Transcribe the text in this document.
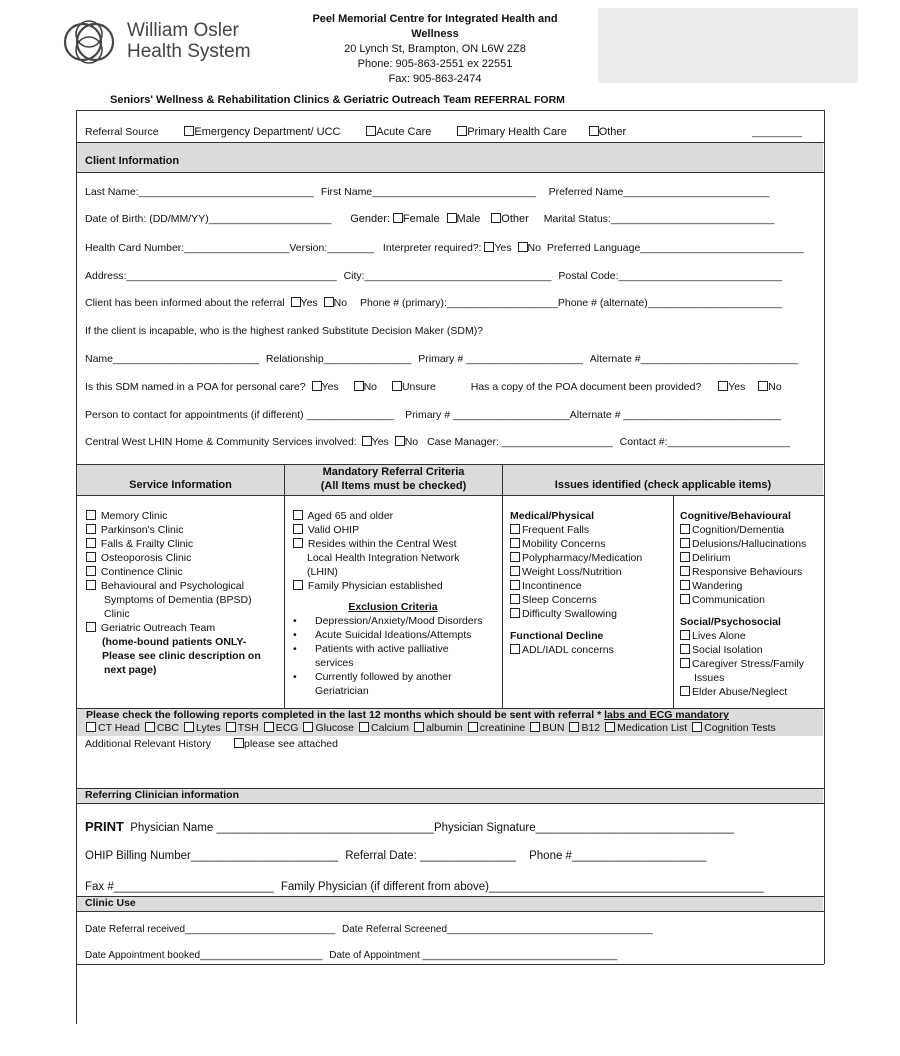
William Osler
Health System
Peel Memorial Centre for Integrated Health and
Wellness
20 Lynch St, Brampton, ON L6W 2Z8
Phone: 905-863-2551 ex 22551
Fax: 905-863-2474
Seniors' Wellness & Rehabilitation Clinics & Geriatric Outreach Team REFERRAL FORM
Referral Source	Emergency Department/ UCC	Acute Care	Primary Health Care	Other	_________
Client Information
Last Name:______________________________ First Name____________________________ Preferred Name_________________________
Date of Birth: (DD/MM/YY)_____________________ Gender: Female Male Other Marital Status:____________________________
Health Card Number:__________________Version:________ Interpreter required?: Yes No Preferred Language____________________________
Address:____________________________________ City:________________________________ Postal Code:____________________________
Client has been informed about the referral Yes No Phone # (primary):___________________Phone # (alternate)_______________________
If the client is incapable, who is the highest ranked Substitute Decision Maker (SDM)?
Name_________________________ Relationship_______________ Primary # ____________________ Alternate #___________________________
Is this SDM named in a POA for personal care? Yes No Unsure	Has a copy of the POA document been provided?	Yes No
Person to contact for appointments (if different) _______________ Primary # ____________________Alternate # ___________________________
Central West LHIN Home & Community Services involved: Yes No Case Manager: ___________________ Contact #:_____________________
Service Information
Mandatory Referral Criteria
(All Items must be checked)	Issues identified (check applicable items)
Memory Clinic
Parkinson's Clinic
Falls & Frailty Clinic
Osteoporosis Clinic
Continence Clinic
Behavioural and Psychological
Symptoms of Dementia (BPSD)
Clinic
Geriatric Outreach Team
(home-bound patients ONLY-
Please see clinic description on
next page)
Aged 65 and older
Valid OHIP
Resides within the Central West
Local Health Integration Network
(LHIN)
Family Physician established
Exclusion Criteria
• Depression/Anxiety/Mood Disorders
• Acute Suicidal Ideations/Attempts
• Patients with active palliative
services
• Currently followed by another
Geriatrician
Medical/Physical
Frequent Falls
Mobility Concerns
Polypharmacy/Medication
Weight Loss/Nutrition
Incontinence
Sleep Concerns
Difficulty Swallowing
Functional Decline
ADL/IADL concerns
Cognitive/Behavioural
Cognition/Dementia
Delusions/Hallucinations
Delirium
Responsive Behaviours
Wandering
Communication
Social/Psychosocial
Lives Alone
Social Isolation
Caregiver Stress/Family
Issues
Elder Abuse/Neglect
Please check the following reports completed in the last 12 months which should be sent with referral * labs and ECG mandatory
CT Head CBC Lytes TSH ECG Glucose Calcium albumin creatinine BUN B12 Medication List Cognition Tests
Additional Relevant History	please see attached
Referring Clinician information
PRINT Physician Name __________________________________Physician Signature_______________________________
OHIP Billing Number_______________________ Referral Date: _______________ Phone #_____________________
Fax #_________________________ Family Physician (if different from above)___________________________________________
Clinic Use
Date Referral received___________________________ Date Referral Screened_____________________________________
Date Appointment booked______________________ Date of Appointment ___________________________________
